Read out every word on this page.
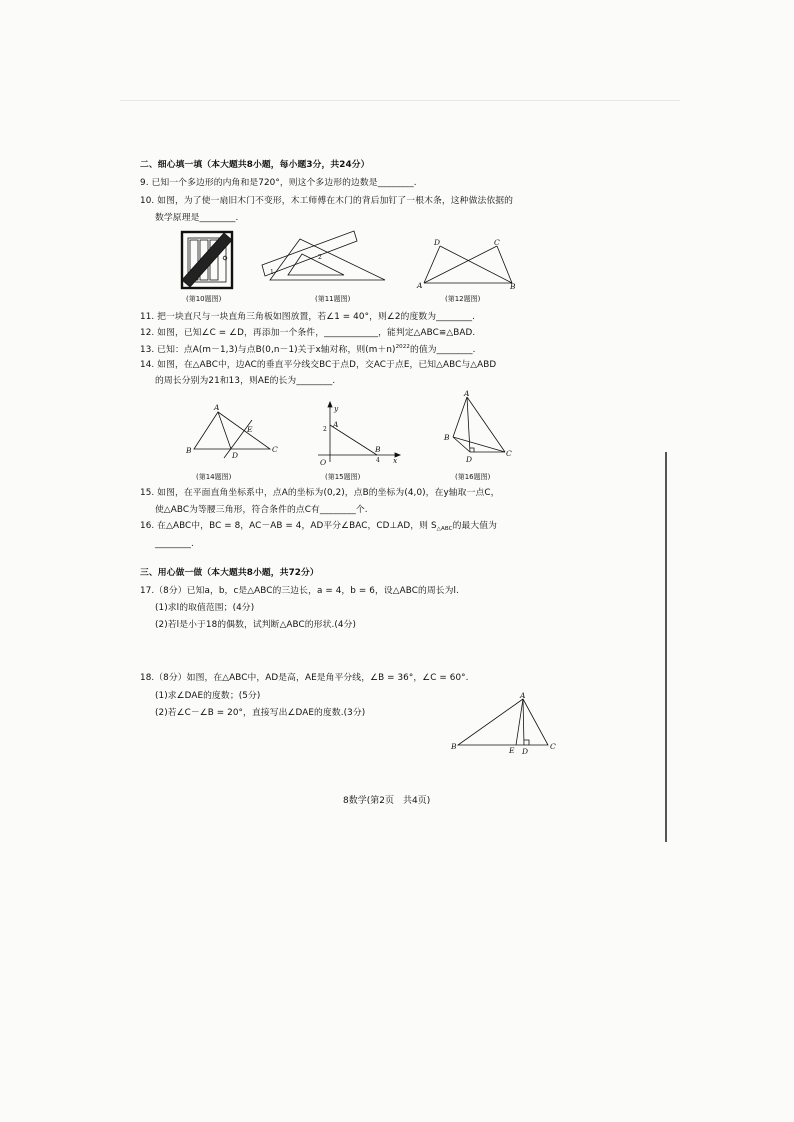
二、细心填一填（本大题共8小题，每小题3分，共24分）
9. 已知一个多边形的内角和是720°，则这个多边形的边数是________.
10. 如图，为了使一扇旧木门不变形，木工师傅在木门的背后加钉了一根木条，这种做法依据的
数学原理是________.
(第10题图)	(第11题图)	(第12题图)
11. 把一块直尺与一块直角三角板如图放置，若∠1 = 40°，则∠2的度数为________.
12. 如图，已知∠C = ∠D，再添加一个条件，____________，能判定△ABC≌△BAD.
13. 已知：点A(m－1,3)与点B(0,n－1)关于x轴对称，则$(m+n)^{2022}$的值为________.
14. 如图，在△ABC中，边AC的垂直平分线交BC于点D，交AC于点E，已知△ABC与△ABD
的周长分别为21和13，则AE的长为________.
(第14题图)	(第15题图)	(第16题图)
15. 如图，在平面直角坐标系中，点A的坐标为(0,2)，点B的坐标为(4,0)，在y轴取一点C，
使△ABC为等腰三角形，符合条件的点C有________个.
16. 在△ABC中，BC = 8，AC－AB = 4，AD平分∠BAC，CD⊥AD，则 $S_{\triangle ABC}$的最大值为
________.
三、用心做一做（本大题共8小题，共72分）
17.（8分）已知a，b，c是△ABC的三边长，a = 4，b = 6，设△ABC的周长为l.
(1)求l的取值范围；(4分)
(2)若l是小于18的偶数，试判断△ABC的形状.(4分)
18.（8分）如图，在△ABC中，AD是高，AE是角平分线，∠B = 36°，∠C = 60°.
(1)求∠DAE的度数；(5分)
(2)若∠C－∠B = 20°，直接写出∠DAE的度数.(3分)
8数学(第2页　共4页)
1
2
D	C
A	B
A
E
B
D
C
y
2
A
B
O	4 x
A
B
D
C
A
B	E D
C
